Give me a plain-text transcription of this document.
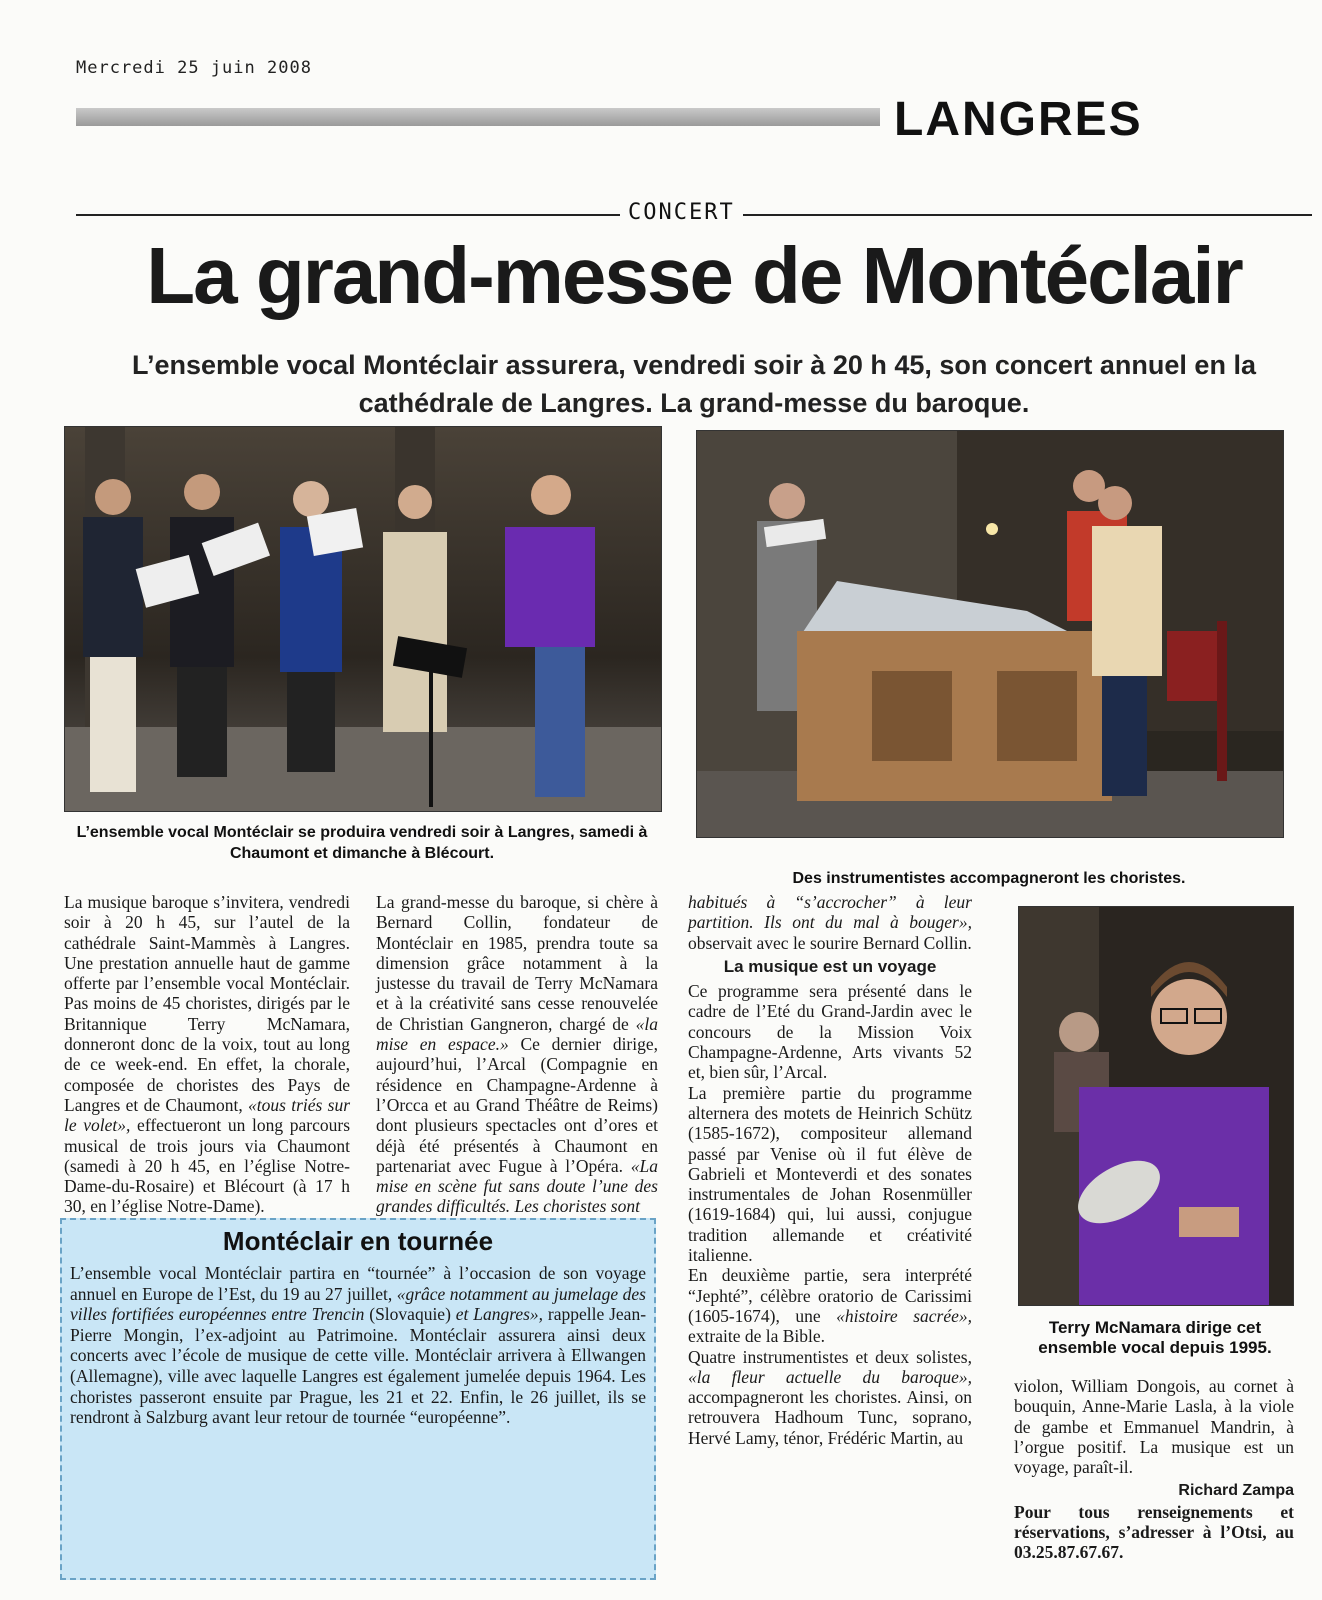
Mercredi 25 juin 2008
LANGRES
CONCERT
La grand-messe de Montéclair
L’ensemble vocal Montéclair assurera, vendredi soir à 20 h 45, son concert annuel en la cathédrale de Langres. La grand-messe du baroque.
L’ensemble vocal Montéclair se produira vendredi soir à Langres, samedi à Chaumont et dimanche à Blécourt.
Des instrumentistes accompagneront les choristes.
Terry McNamara dirige cet ensemble vocal depuis 1995.

La musique baroque s’invitera, vendredi soir à 20 h 45, sur l’autel de la cathédrale Saint-Mammès à Langres. Une prestation annuelle haut de gamme offerte par l’ensemble vocal Montéclair. Pas moins de 45 choristes, dirigés par le Britannique Terry McNamara, donneront donc de la voix, tout au long de ce week-end. En effet, la chorale, composée de choristes des Pays de Langres et de Chaumont, «tous triés sur le volet», effectueront un long parcours musical de trois jours via Chaumont (samedi à 20 h 45, en l’église Notre-Dame-du-Rosaire) et Blécourt (à 17 h 30, en l’église Notre-Dame).

La grand-messe du baroque, si chère à Bernard Collin, fondateur de Montéclair en 1985, prendra toute sa dimension grâce notamment à la justesse du travail de Terry McNamara et à la créativité sans cesse renouvelée de Christian Gangneron, chargé de «la mise en espace.» Ce dernier dirige, aujourd’hui, l’Arcal (Compagnie en résidence en Champagne-Ardenne à l’Orcca et au Grand Théâtre de Reims) dont plusieurs spectacles ont d’ores et déjà été présentés à Chaumont en partenariat avec Fugue à l’Opéra. «La mise en scène fut sans doute l’une des grandes difficultés. Les choristes sont

habitués à “s’accrocher” à leur partition. Ils ont du mal à bouger», observait avec le sourire Bernard Collin.

La musique est un voyage

Ce programme sera présenté dans le cadre de l’Eté du Grand-Jardin avec le concours de la Mission Voix Champagne-Ardenne, Arts vivants 52 et, bien sûr, l’Arcal.

La première partie du programme alternera des motets de Heinrich Schütz (1585-1672), compositeur allemand passé par Venise où il fut élève de Gabrieli et Monteverdi et des sonates instrumentales de Johan Rosenmüller (1619-1684) qui, lui aussi, conjugue tradition allemande et créativité italienne.

En deuxième partie, sera interprété “Jephté”, célèbre oratorio de Carissimi (1605-1674), une «histoire sacrée», extraite de la Bible.

Quatre instrumentistes et deux solistes, «la fleur actuelle du baroque», accompagneront les choristes. Ainsi, on retrouvera Hadhoum Tunc, soprano, Hervé Lamy, ténor, Frédéric Martin, au

violon, William Dongois, au cornet à bouquin, Anne-Marie Lasla, à la viole de gambe et Emmanuel Mandrin, à l’orgue positif. La musique est un voyage, paraît-il.

Richard Zampa

Pour tous renseignements et réservations, s’adresser à l’Otsi, au 03.25.87.67.67.

Montéclair en tournée
L’ensemble vocal Montéclair partira en “tournée” à l’occasion de son voyage annuel en Europe de l’Est, du 19 au 27 juillet, «grâce notamment au jumelage des villes fortifiées européennes entre Trencin (Slovaquie) et Langres», rappelle Jean-Pierre Mongin, l’ex-adjoint au Patrimoine. Montéclair assurera ainsi deux concerts avec l’école de musique de cette ville. Montéclair arrivera à Ellwangen (Allemagne), ville avec laquelle Langres est également jumelée depuis 1964. Les choristes passeront ensuite par Prague, les 21 et 22. Enfin, le 26 juillet, ils se rendront à Salzburg avant leur retour de tournée “européenne”.
